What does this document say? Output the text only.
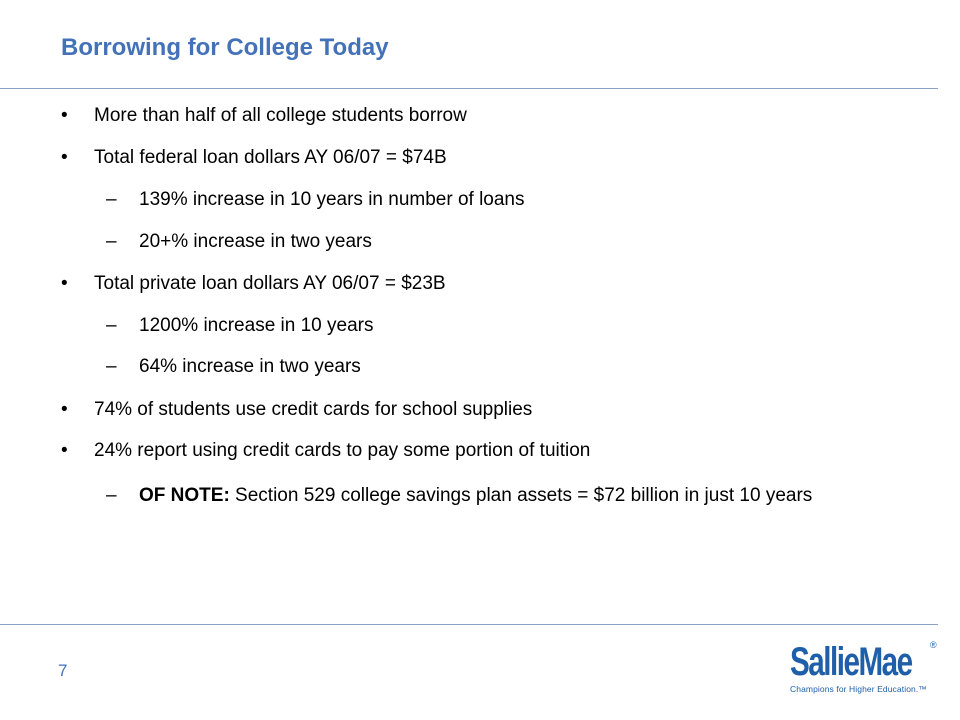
Borrowing for College Today
• More than half of all college students borrow
• Total federal loan dollars AY 06/07 = $74B
– 139% increase in 10 years in number of loans
– 20+% increase in two years
• Total private loan dollars AY 06/07 = $23B
– 1200% increase in 10 years
– 64% increase in two years
• 74% of students use credit cards for school supplies
• 24% report using credit cards to pay some portion of tuition
– OF NOTE: Section 529 college savings plan assets = $72 billion in just 10 years
7	SallieMae ®
Champions for Higher Education.™
